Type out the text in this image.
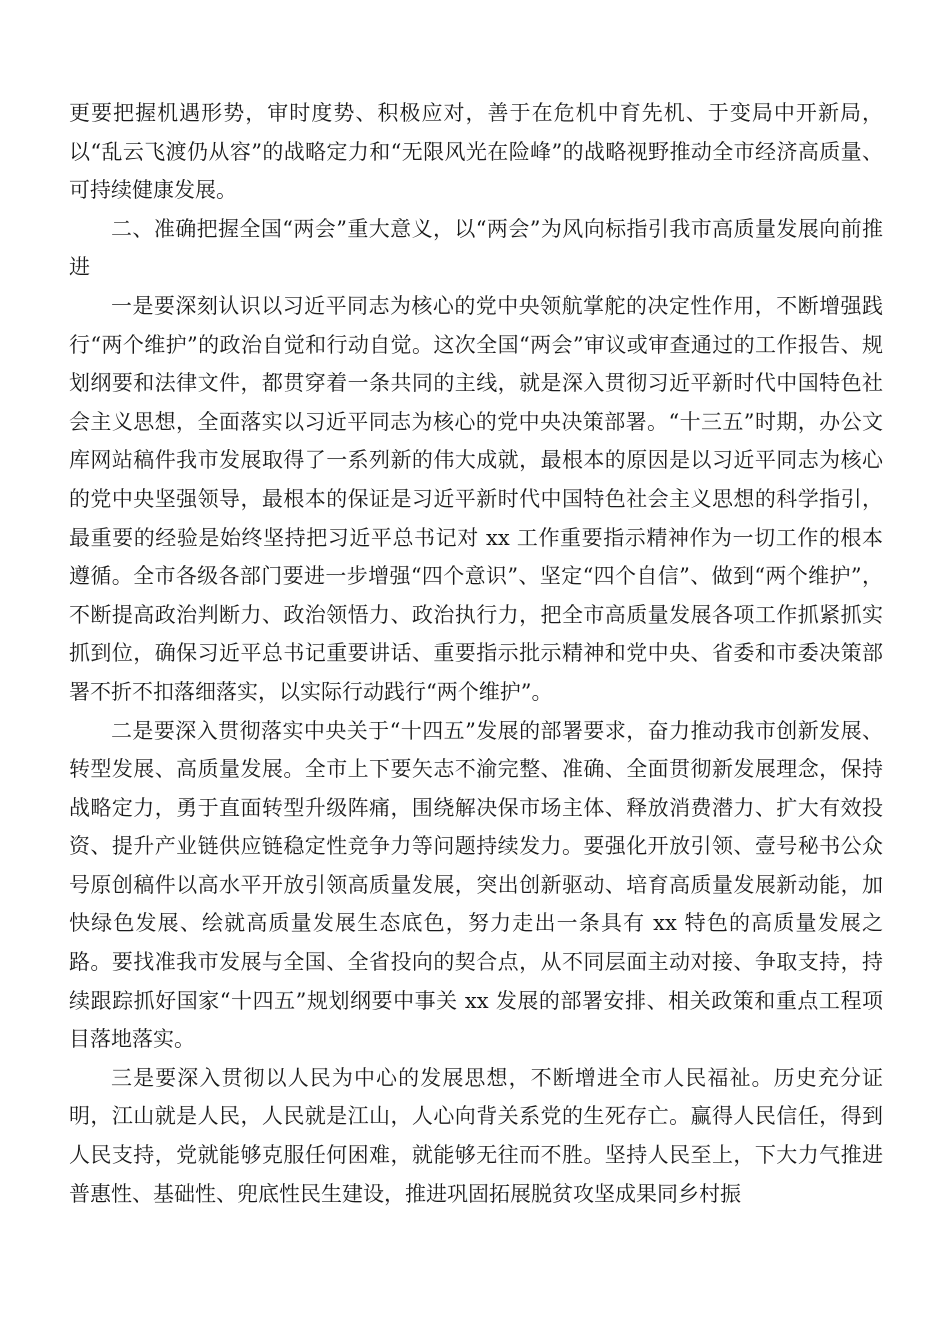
更要把握机遇形势，审时度势、积极应对，善于在危机中育先机、于变局中开新局，以“乱云飞渡仍从容”的战略定力和“无限风光在险峰”的战略视野推动全市经济高质量、可持续健康发展。

二、准确把握全国“两会”重大意义，以“两会”为风向标指引我市高质量发展向前推进

一是要深刻认识以习近平同志为核心的党中央领航掌舵的决定性作用，不断增强践行“两个维护”的政治自觉和行动自觉。这次全国“两会”审议或审查通过的工作报告、规划纲要和法律文件，都贯穿着一条共同的主线，就是深入贯彻习近平新时代中国特色社会主义思想，全面落实以习近平同志为核心的党中央决策部署。“十三五”时期，办公文库网站稿件我市发展取得了一系列新的伟大成就，最根本的原因是以习近平同志为核心的党中央坚强领导，最根本的保证是习近平新时代中国特色社会主义思想的科学指引，最重要的经验是始终坚持把习近平总书记对 xx 工作重要指示精神作为一切工作的根本遵循。全市各级各部门要进一步增强“四个意识”、坚定“四个自信”、做到“两个维护”，不断提高政治判断力、政治领悟力、政治执行力，把全市高质量发展各项工作抓紧抓实抓到位，确保习近平总书记重要讲话、重要指示批示精神和党中央、省委和市委决策部署不折不扣落细落实，以实际行动践行“两个维护”。

二是要深入贯彻落实中央关于“十四五”发展的部署要求，奋力推动我市创新发展、转型发展、高质量发展。全市上下要矢志不渝完整、准确、全面贯彻新发展理念，保持战略定力，勇于直面转型升级阵痛，围绕解决保市场主体、释放消费潜力、扩大有效投资、提升产业链供应链稳定性竞争力等问题持续发力。要强化开放引领、壹号秘书公众号原创稿件以高水平开放引领高质量发展，突出创新驱动、培育高质量发展新动能，加快绿色发展、绘就高质量发展生态底色，努力走出一条具有 xx 特色的高质量发展之路。要找准我市发展与全国、全省投向的契合点，从不同层面主动对接、争取支持，持续跟踪抓好国家“十四五”规划纲要中事关 xx 发展的部署安排、相关政策和重点工程项目落地落实。

三是要深入贯彻以人民为中心的发展思想，不断增进全市人民福祉。历史充分证明，江山就是人民，人民就是江山，人心向背关系党的生死存亡。赢得人民信任，得到人民支持，党就能够克服任何困难，就能够无往而不胜。坚持人民至上，下大力气推进普惠性、基础性、兜底性民生建设，推进巩固拓展脱贫攻坚成果同乡村振
